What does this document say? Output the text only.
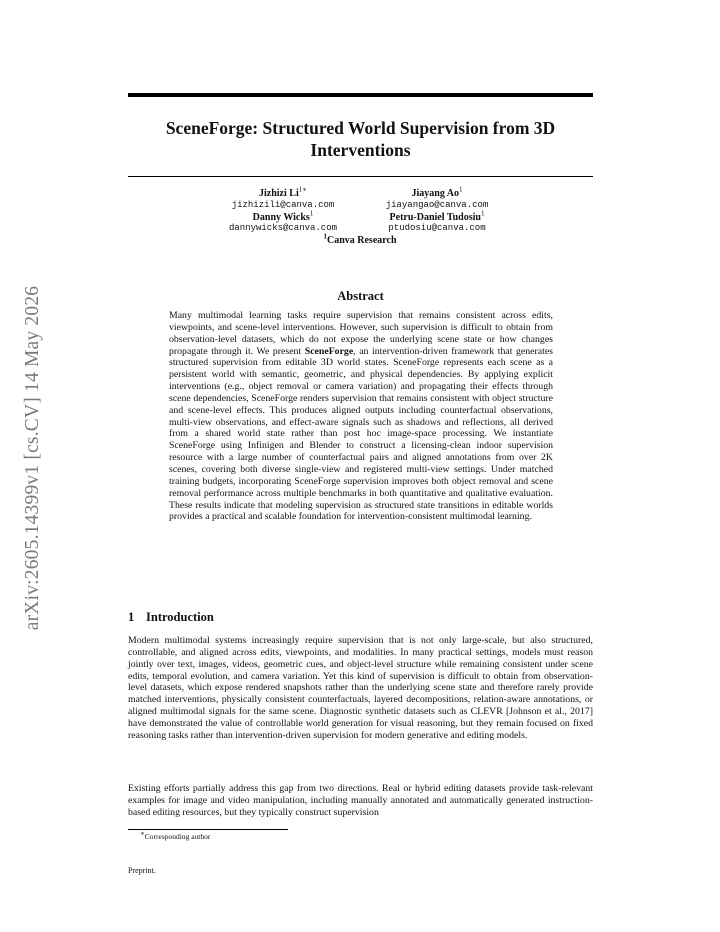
arXiv:2605.14399v1 [cs.CV] 14 May 2026
SceneForge: Structured World Supervision from 3D Interventions
Jizhizi $Li^{1∗}$
jizhizili@canva.com
Jiayang Ao$^1$
jiayangao@canva.com
Danny Wicks$^1$
dannywicks@canva.com
Petru-Daniel Tudosiu$^1$
ptudosiu@canva.com
$^1$Canva Research
Abstract

Many multimodal learning tasks require supervision that remains consistent across edits, viewpoints, and scene-level interventions. However, such supervision is difficult to obtain from observation-level datasets, which do not expose the underlying scene state or how changes propagate through it. We present SceneForge, an intervention-driven framework that generates structured supervision from editable 3D world states. SceneForge represents each scene as a persistent world with semantic, geometric, and physical dependencies. By applying explicit interventions (e.g., object removal or camera variation) and propagating their effects through scene dependencies, SceneForge renders supervision that remains consistent with object structure and scene-level effects. This produces aligned outputs including counterfactual observations, multi-view observations, and effect-aware signals such as shadows and reflections, all derived from a shared world state rather than post hoc image-space processing. We instantiate SceneForge using Infinigen and Blender to construct a licensing-clean indoor supervision resource with a large number of counterfactual pairs and aligned annotations from over 2K scenes, covering both diverse single-view and registered multi-view settings. Under matched training budgets, incorporating SceneForge supervision improves both object removal and scene removal performance across multiple benchmarks in both quantitative and qualitative evaluation. These results indicate that modeling supervision as structured state transitions in editable worlds provides a practical and scalable foundation for intervention-consistent multimodal learning.

1 Introduction

Modern multimodal systems increasingly require supervision that is not only large-scale, but also structured, controllable, and aligned across edits, viewpoints, and modalities. In many practical settings, models must reason jointly over text, images, videos, geometric cues, and object-level structure while remaining consistent under scene edits, temporal evolution, and camera variation. Yet this kind of supervision is difficult to obtain from observation-level datasets, which expose rendered snapshots rather than the underlying scene state and therefore rarely provide matched interventions, physically consistent counterfactuals, layered decompositions, relation-aware annotations, or aligned multimodal signals for the same scene. Diagnostic synthetic datasets such as CLEVR [Johnson et al., 2017] have demonstrated the value of controllable world generation for visual reasoning, but they remain focused on fixed reasoning tasks rather than intervention-driven supervision for modern generative and editing models.

Existing efforts partially address this gap from two directions. Real or hybrid editing datasets provide task-relevant examples for image and video manipulation, including manually annotated and automatically generated instruction-based editing resources, but they typically construct supervision

∗Corresponding author

Preprint.
